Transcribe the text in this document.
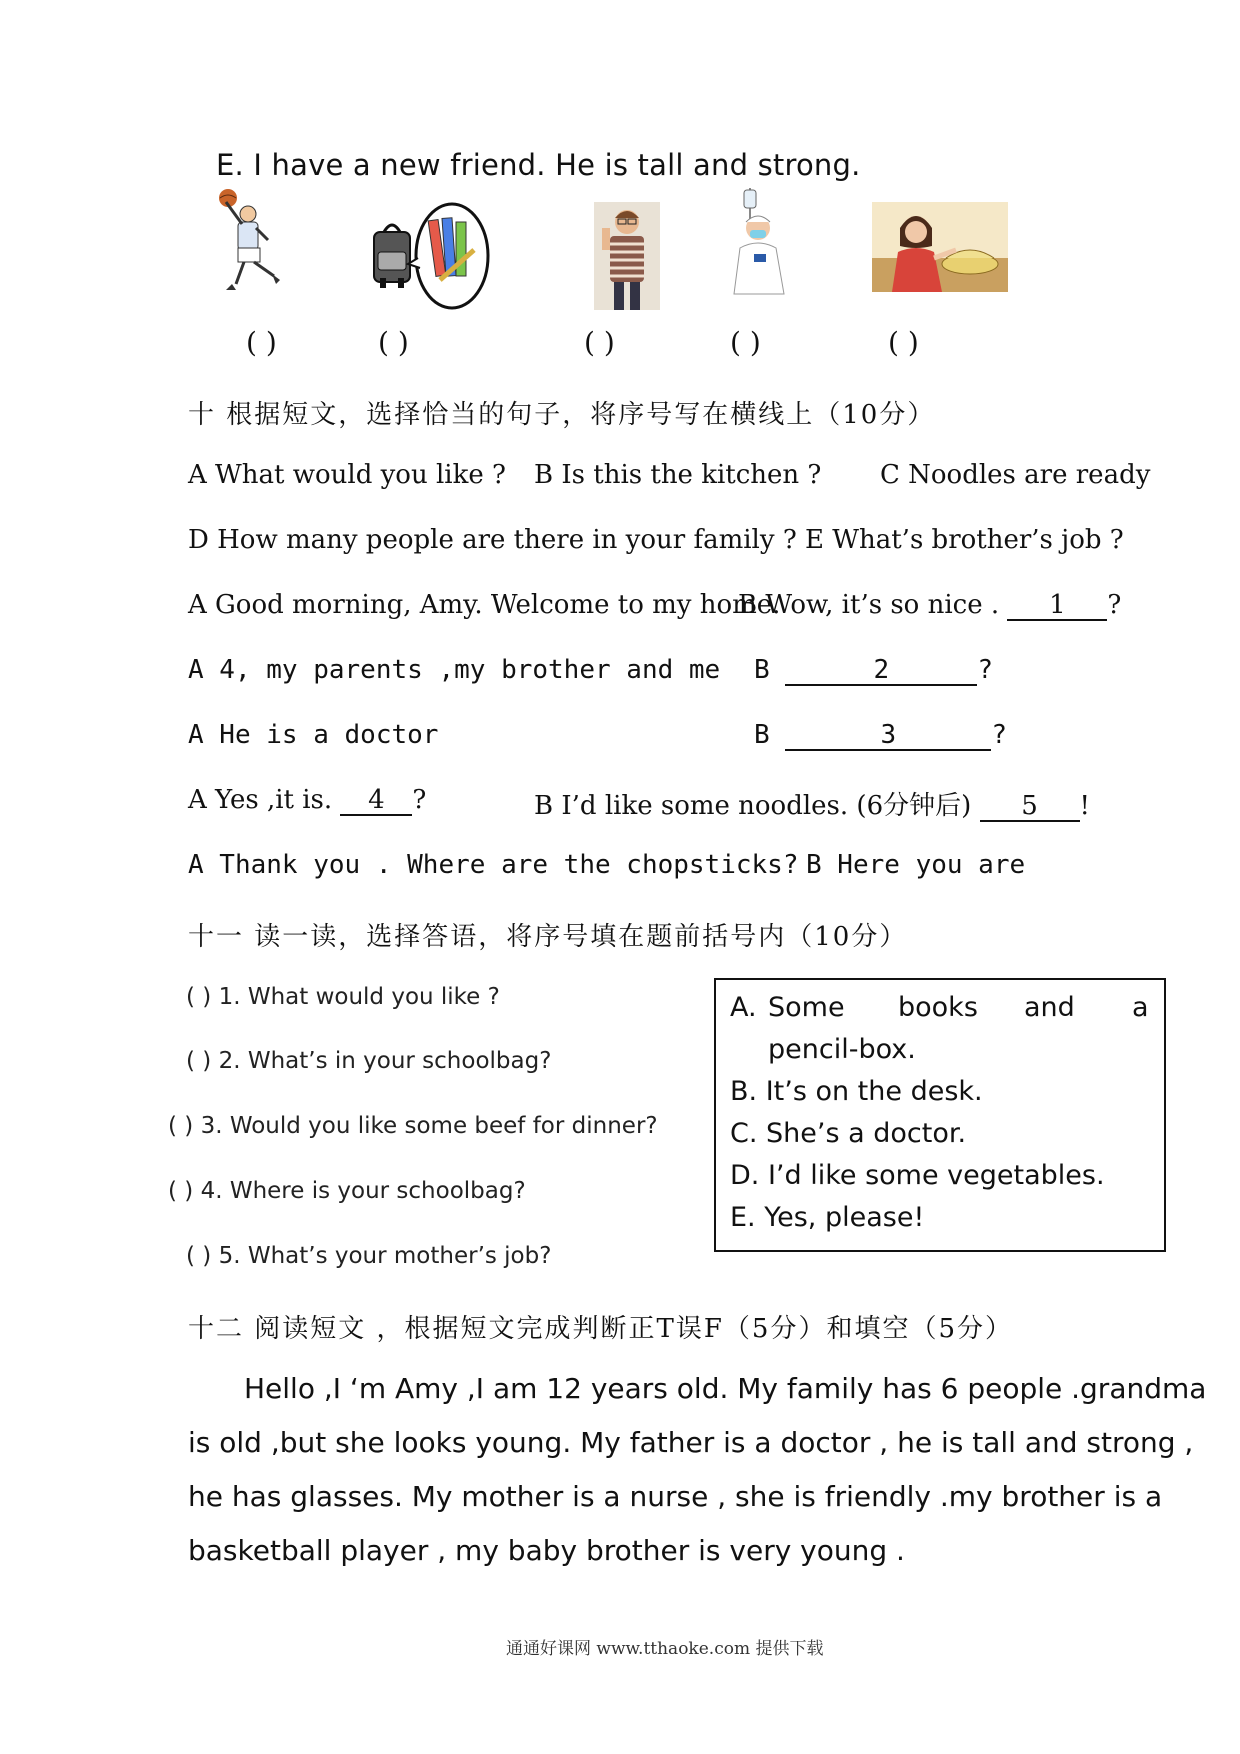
E. I have a new friend. He is tall and strong.
( )	( )	( )	( )	( )
十 根据短文，选择恰当的句子，将序号写在横线上（10分）
A What would you like ? B Is this the kitchen ? C Noodles are ready
D How many people are there in your family ? E What’s brother’s job ?
A Good morning, Amy. Welcome to my home.
B Wow, it’s so nice . 1 ?
A 4, my parents ,my brother and me B	2	?
A He is a doctor	B	3	?
A Yes ,it is. 4 ?	B I’d like some noodles. (6分钟后) 5 !
A Thank you . Where are the chopsticks? B Here you are
十一 读一读，选择答语，将序号填在题前括号内（10分）
( ) 1. What would you like ?
( ) 2. What’s in your schoolbag?
( ) 3. Would you like some beef for dinner?
( ) 4. Where is your schoolbag?
( ) 5. What’s your mother’s job?
A. Some books and a
pencil-box.
B. It’s on the desk.
C. She’s a doctor.
D. I’d like some vegetables.
E. Yes, please!
十二 阅读短文 ，根据短文完成判断正T误F（5分）和填空（5分）
Hello ,I ‘m Amy ,I am 12 years old. My family has 6 people .grandma
is old ,but she looks young. My father is a doctor , he is tall and strong ,
he has glasses. My mother is a nurse , she is friendly .my brother is a
basketball player , my baby brother is very young .
通通好课网 www.tthaoke.com 提供下载
